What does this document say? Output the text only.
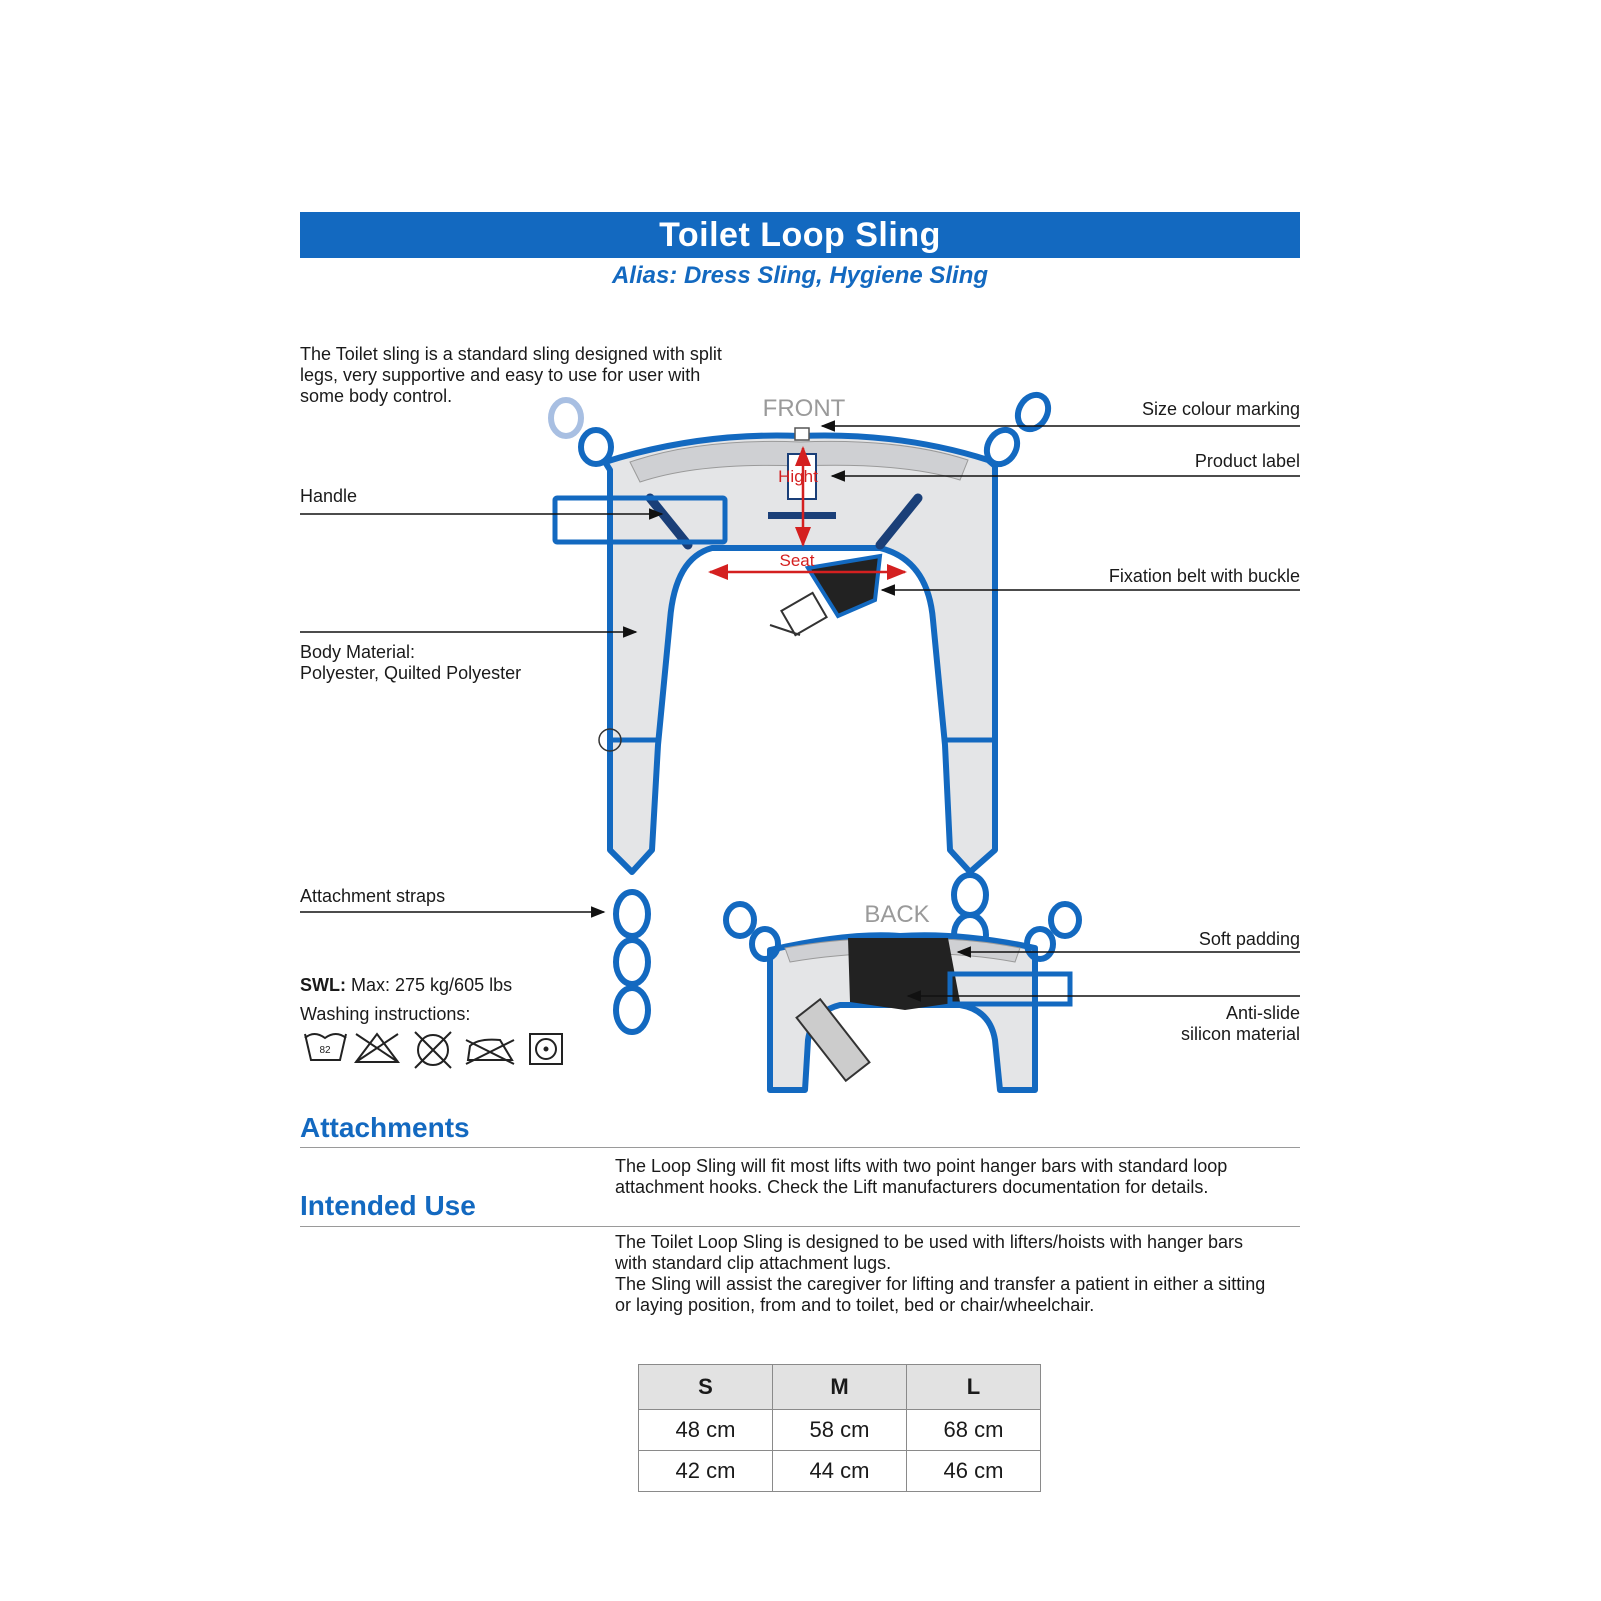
Toilet Loop Sling
Alias: Dress Sling, Hygiene Sling
The Toilet sling is a standard sling designed with split legs, very supportive and easy to use for user with some body control.
82
FRONT
BACK
Hight
Seat
Size colour marking
Product label
Handle
Fixation belt with buckle
Body Material:
Polyester, Quilted Polyester
Attachment straps
Soft padding
Anti-slide
silicon material
SWL: Max: 275 kg/605 lbs
Washing instructions:
Attachments
The Loop Sling will fit most lifts with two point hanger bars with standard loop attachment hooks. Check the Lift manufacturers documentation for details.
Intended Use
The Toilet Loop Sling is designed to be used with lifters/hoists with hanger bars with standard clip attachment lugs.
The Sling will assist the caregiver for lifting and transfer a patient in either a sitting or laying position, from and to toilet, bed or chair/wheelchair.
S	M	L
48 cm	58 cm	68 cm
42 cm	44 cm	46 cm
